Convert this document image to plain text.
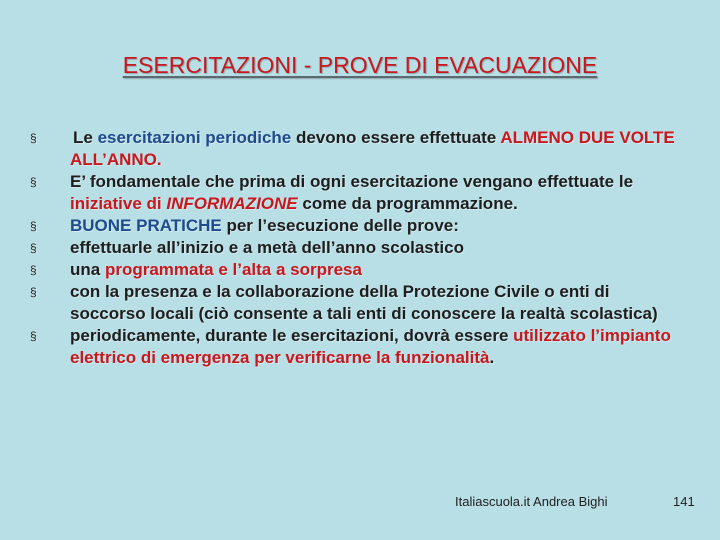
ESERCITAZIONI - PROVE DI EVACUAZIONE
§	Le esercitazioni periodiche devono essere effettuate ALMENO DUE VOLTE ALL’ANNO.
§	E’ fondamentale che prima di ogni esercitazione vengano effettuate le iniziative di INFORMAZIONE come da programmazione.
§	BUONE PRATICHE per l’esecuzione delle prove:
§	effettuarle all’inizio e a metà dell’anno scolastico
§	una programmata e l’alta a sorpresa
§	con la presenza e la collaborazione della Protezione Civile o enti di soccorso locali (ciò consente a tali enti di conoscere la realtà scolastica)
§	periodicamente, durante le esercitazioni, dovrà essere utilizzato l’impianto elettrico di emergenza per verificarne la funzionalità.
Italiascuola.it Andrea Bighi	141
